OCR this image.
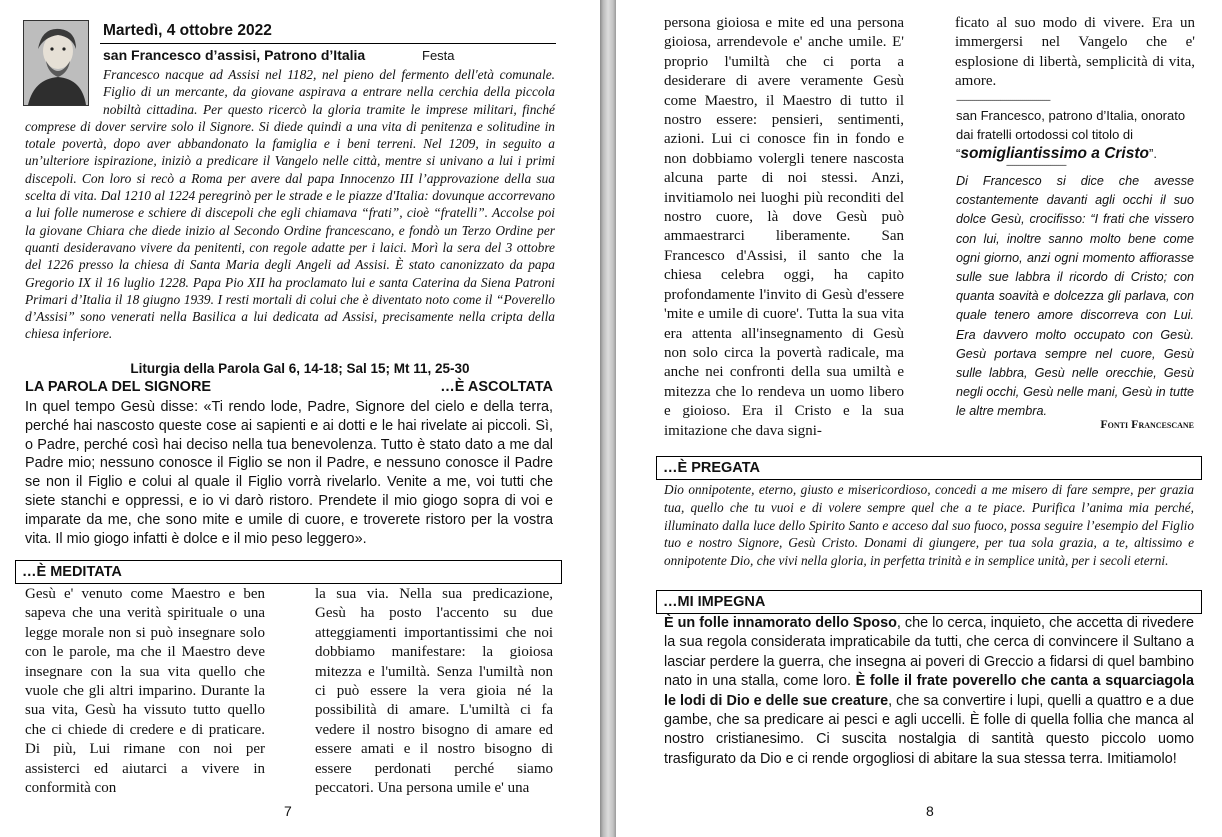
Martedì, 4 ottobre 2022
san Francesco d’assisi, Patrono d’Italia	Festa

Francesco nacque ad Assisi nel 1182, nel pieno del fermento dell'età comunale. Figlio di un mercante, da giovane aspirava a entrare nella cerchia della piccola nobiltà cittadina. Per questo ricercò la gloria tramite le imprese militari, finché comprese di dover servire solo il Signore. Si diede quindi a una vita di penitenza e solitudine in totale povertà, dopo aver abbandonato la famiglia e i beni terreni. Nel 1209, in seguito a un’ulteriore ispirazione, iniziò a predicare il Vangelo nelle città, mentre si univano a lui i primi discepoli. Con loro si recò a Roma per avere dal papa Innocenzo III l’approvazione della sua scelta di vita. Dal 1210 al 1224 peregrinò per le strade e le piazze d'Italia: dovunque accorrevano a lui folle numerose e schiere di discepoli che egli chiamava “frati”, cioè “fratelli”. Accolse poi la giovane Chiara che diede inizio al Secondo Ordine francescano, e fondò un Terzo Ordine per quanti desideravano vivere da penitenti, con regole adatte per i laici. Morì la sera del 3 ottobre del 1226 presso la chiesa di Santa Maria degli Angeli ad Assisi. È stato canonizzato da papa Gregorio IX il 16 luglio 1228. Papa Pio XII ha proclamato lui e santa Caterina da Siena Patroni Primari d’Italia il 18 giugno 1939. I resti mortali di colui che è diventato noto come il “Poverello d’Assisi” sono venerati nella Basilica a lui dedicata ad Assisi, precisamente nella cripta della chiesa inferiore.

Liturgia della Parola Gal 6, 14-18; Sal 15; Mt 11, 25-30
LA PAROLA DEL SIGNORE	…È ASCOLTATA

In quel tempo Gesù disse: «Ti rendo lode, Padre, Signore del cielo e della terra, perché hai nascosto queste cose ai sapienti e ai dotti e le hai rivelate ai piccoli. Sì, o Padre, perché così hai deciso nella tua benevolenza. Tutto è stato dato a me dal Padre mio; nessuno conosce il Figlio se non il Padre, e nessuno conosce il Padre se non il Figlio e colui al quale il Figlio vorrà rivelarlo. Venite a me, voi tutti che siete stanchi e oppressi, e io vi darò ristoro. Prendete il mio giogo sopra di voi e imparate da me, che sono mite e umile di cuore, e troverete ristoro per la vostra vita. Il mio giogo infatti è dolce e il mio peso leggero».

…È MEDITATA

Gesù e' venuto come Maestro e ben sapeva che una verità spirituale o una legge morale non si può insegnare solo con le parole, ma che il Maestro deve insegnare con la sua vita quello che vuole che gli altri imparino. Durante la sua vita, Gesù ha vissuto tutto quello che ci chiede di credere e di praticare. Di più, Lui rimane con noi per assisterci ed aiutarci a vivere in conformità con

la sua via. Nella sua predicazione, Gesù ha posto l'accento su due atteggiamenti importantissimi che noi dobbiamo manifestare: la gioiosa mitezza e l'umiltà. Senza l'umiltà non ci può essere la vera gioia né la possibilità di amare. L'umiltà ci fa vedere il nostro bisogno di amare ed essere amati e il nostro bisogno di essere perdonati perché siamo peccatori. Una persona umile e' una

7

persona gioiosa e mite ed una persona gioiosa, arrendevole e' anche umile. E' proprio l'umiltà che ci porta a desiderare di avere veramente Gesù come Maestro, il Maestro di tutto il nostro essere: pensieri, sentimenti, azioni. Lui ci conosce fin in fondo e non dobbiamo volergli tenere nascosta alcuna parte di noi stessi. Anzi, invitiamolo nei luoghi più reconditi del nostro cuore, là dove Gesù può ammaestrarci liberamente. San Francesco d'Assisi, il santo che la chiesa celebra oggi, ha capito profondamente l'invito di Gesù d'essere 'mite e umile di cuore'. Tutta la sua vita era attenta all'insegnamento di Gesù non solo circa la povertà radicale, ma anche nei confronti della sua umiltà e mitezza che lo rendeva un uomo libero e gioioso. Era il Cristo e la sua imitazione che dava signi-

ficato al suo modo di vivere. Era un immergersi nel Vangelo che e' esplosione di libertà, semplicità di vita, amore.

-----------------------------------------------

san Francesco, patrono d’Italia, onorato dai fratelli ortodossi col titolo di “somigliantissimo a Cristo”.

------------------------------

Di Francesco si dice che avesse costantemente davanti agli occhi il suo dolce Gesù, crocifisso: “I frati che vissero con lui, inoltre sanno molto bene come ogni giorno, anzi ogni momento affiorasse sulle sue labbra il ricordo di Cristo; con quanta soavità e dolcezza gli parlava, con quale tenero amore discorreva con Lui. Era davvero molto occupato con Gesù. Gesù portava sempre nel cuore, Gesù sulle labbra, Gesù nelle orecchie, Gesù negli occhi, Gesù nelle mani, Gesù in tutte le altre membra.

Fonti Francescane
…È PREGATA

Dio onnipotente, eterno, giusto e misericordioso, concedi a me misero di fare sempre, per grazia tua, quello che tu vuoi e di volere sempre quel che a te piace. Purifica l’anima mia perché, illuminato dalla luce dello Spirito Santo e acceso dal suo fuoco, possa seguire l’esempio del Figlio tuo e nostro Signore, Gesù Cristo. Donami di giungere, per tua sola grazia, a te, altissimo e onnipotente Dio, che vivi nella gloria, in perfetta trinità e in semplice unità, per i secoli eterni.

…MI IMPEGNA

È un folle innamorato dello Sposo, che lo cerca, inquieto, che accetta di rivedere la sua regola considerata impraticabile da tutti, che cerca di convincere il Sultano a lasciar perdere la guerra, che insegna ai poveri di Greccio a fidarsi di quel bambino nato in una stalla, come loro. È folle il frate poverello che canta a squarciagola le lodi di Dio e delle sue creature, che sa convertire i lupi, quelli a quattro e a due gambe, che sa predicare ai pesci e agli uccelli. È folle di quella follia che manca al nostro cristianesimo. Ci suscita nostalgia di santità questo piccolo uomo trasfigurato da Dio e ci rende orgogliosi di abitare la sua stessa terra. Imitiamolo!

8
